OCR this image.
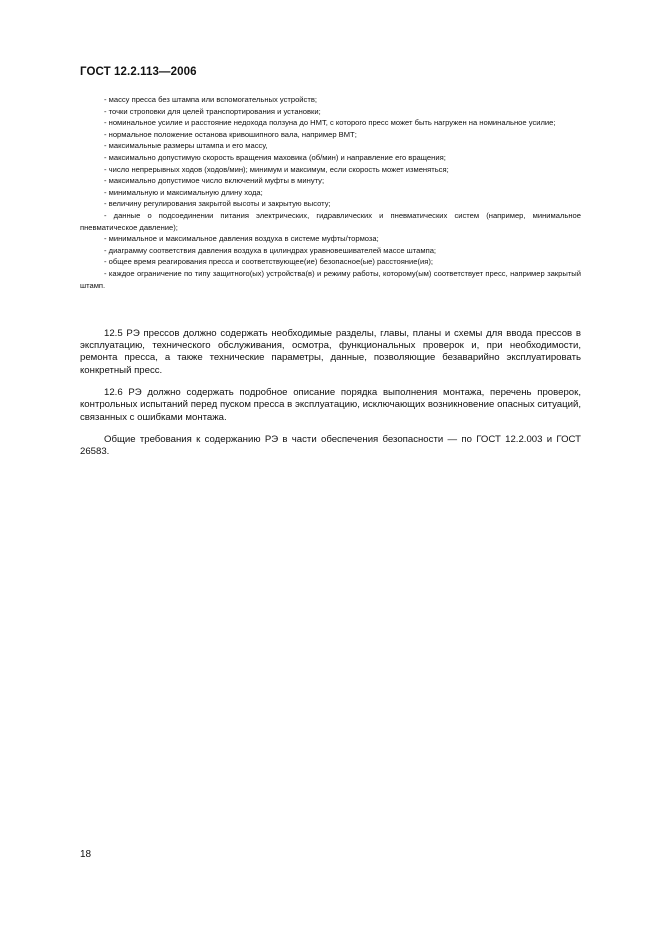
ГОСТ 12.2.113—2006
- массу пресса без штампа или вспомогательных устройств;
- точки строповки для целей транспортирования и установки;
- номинальное усилие и расстояние недохода ползуна до НМТ, с которого пресс может быть нагружен на номинальное усилие;
- нормальное положение останова кривошипного вала, например ВМТ;
- максимальные размеры штампа и его массу,
- максимально допустимую скорость вращения маховика (об/мин) и направление его вращения;
- число непрерывных ходов (ходов/мин); минимум и максимум, если скорость может изменяться;
- максимально допустимое число включений муфты в минуту;
- минимальную и максимальную длину хода;
- величину регулирования закрытой высоты и закрытую высоту;
- данные о подсоединении питания электрических, гидравлических и пневматических систем (например, минимальное пневматическое давление);
- минимальное и максимальное давления воздуха в системе муфты/тормоза;
- диаграмму соответствия давления воздуха в цилиндрах уравновешивателей массе штампа;
- общее время реагирования пресса и соответствующее(ие) безопасное(ые) расстояние(ия);
- каждое ограничение по типу защитного(ых) устройства(в) и режиму работы, которому(ым) соответствует пресс, например закрытый штамп.

12.5 РЭ прессов должно содержать необходимые разделы, главы, планы и схемы для ввода прессов в эксплуатацию, технического обслуживания, осмотра, функциональных проверок и, при необходимости, ремонта пресса, а также технические параметры, данные, позволяющие безаварийно эксплуатировать конкретный пресс.

12.6 РЭ должно содержать подробное описание порядка выполнения монтажа, перечень проверок, контрольных испытаний перед пуском пресса в эксплуатацию, исключающих возникновение опасных ситуаций, связанных с ошибками монтажа.

Общие требования к содержанию РЭ в части обеспечения безопасности — по ГОСТ 12.2.003 и ГОСТ 26583.

18
